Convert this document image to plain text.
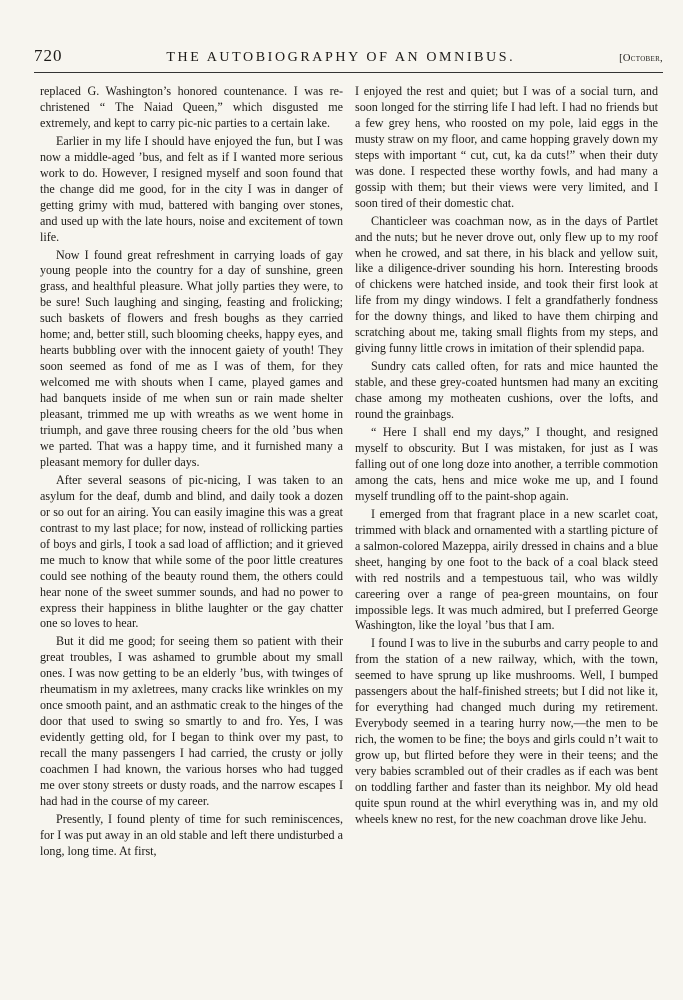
720	THE AUTOBIOGRAPHY OF AN OMNIBUS.	[October,

replaced G. Washington’s honored countenance. I was re-christened “ The Naiad Queen,” which disgusted me extremely, and kept to carry pic-nic parties to a certain lake.

Earlier in my life I should have enjoyed the fun, but I was now a middle-aged ’bus, and felt as if I wanted more serious work to do. However, I resigned myself and soon found that the change did me good, for in the city I was in danger of getting grimy with mud, battered with banging over stones, and used up with the late hours, noise and excitement of town life.

Now I found great refreshment in carrying loads of gay young people into the country for a day of sunshine, green grass, and healthful pleasure. What jolly parties they were, to be sure! Such laughing and singing, feasting and frolicking; such baskets of flowers and fresh boughs as they carried home; and, better still, such blooming cheeks, happy eyes, and hearts bubbling over with the innocent gaiety of youth! They soon seemed as fond of me as I was of them, for they welcomed me with shouts when I came, played games and had banquets inside of me when sun or rain made shelter pleasant, trimmed me up with wreaths as we went home in triumph, and gave three rousing cheers for the old ’bus when we parted. That was a happy time, and it furnished many a pleasant memory for duller days.

After several seasons of pic-nicing, I was taken to an asylum for the deaf, dumb and blind, and daily took a dozen or so out for an airing. You can easily imagine this was a great contrast to my last place; for now, instead of rollicking parties of boys and girls, I took a sad load of affliction; and it grieved me much to know that while some of the poor little creatures could see nothing of the beauty round them, the others could hear none of the sweet summer sounds, and had no power to express their happiness in blithe laughter or the gay chatter one so loves to hear.

But it did me good; for seeing them so patient with their great troubles, I was ashamed to grumble about my small ones. I was now getting to be an elderly ’bus, with twinges of rheumatism in my axletrees, many cracks like wrinkles on my once smooth paint, and an asthmatic creak to the hinges of the door that used to swing so smartly to and fro. Yes, I was evidently getting old, for I began to think over my past, to recall the many passengers I had carried, the crusty or jolly coachmen I had known, the various horses who had tugged me over stony streets or dusty roads, and the narrow escapes I had had in the course of my career.

Presently, I found plenty of time for such reminiscences, for I was put away in an old stable and left there undisturbed a long, long time. At first,

I enjoyed the rest and quiet; but I was of a social turn, and soon longed for the stirring life I had left. I had no friends but a few grey hens, who roosted on my pole, laid eggs in the musty straw on my floor, and came hopping gravely down my steps with important “ cut, cut, ka da cuts!” when their duty was done. I respected these worthy fowls, and had many a gossip with them; but their views were very limited, and I soon tired of their domestic chat.

Chanticleer was coachman now, as in the days of Partlet and the nuts; but he never drove out, only flew up to my roof when he crowed, and sat there, in his black and yellow suit, like a diligence-driver sounding his horn. Interesting broods of chickens were hatched inside, and took their first look at life from my dingy windows. I felt a grandfatherly fondness for the downy things, and liked to have them chirping and scratching about me, taking small flights from my steps, and giving funny little crows in imitation of their splendid papa.

Sundry cats called often, for rats and mice haunted the stable, and these grey-coated huntsmen had many an exciting chase among my motheaten cushions, over the lofts, and round the grainbags.

“ Here I shall end my days,” I thought, and resigned myself to obscurity. But I was mistaken, for just as I was falling out of one long doze into another, a terrible commotion among the cats, hens and mice woke me up, and I found myself trundling off to the paint-shop again.

I emerged from that fragrant place in a new scarlet coat, trimmed with black and ornamented with a startling picture of a salmon-colored Mazeppa, airily dressed in chains and a blue sheet, hanging by one foot to the back of a coal black steed with red nostrils and a tempestuous tail, who was wildly careering over a range of pea-green mountains, on four impossible legs. It was much admired, but I preferred George Washington, like the loyal ’bus that I am.

I found I was to live in the suburbs and carry people to and from the station of a new railway, which, with the town, seemed to have sprung up like mushrooms. Well, I bumped passengers about the half-finished streets; but I did not like it, for everything had changed much during my retirement. Everybody seemed in a tearing hurry now,—the men to be rich, the women to be fine; the boys and girls could n’t wait to grow up, but flirted before they were in their teens; and the very babies scrambled out of their cradles as if each was bent on toddling farther and faster than its neighbor. My old head quite spun round at the whirl everything was in, and my old wheels knew no rest, for the new coachman drove like Jehu.
